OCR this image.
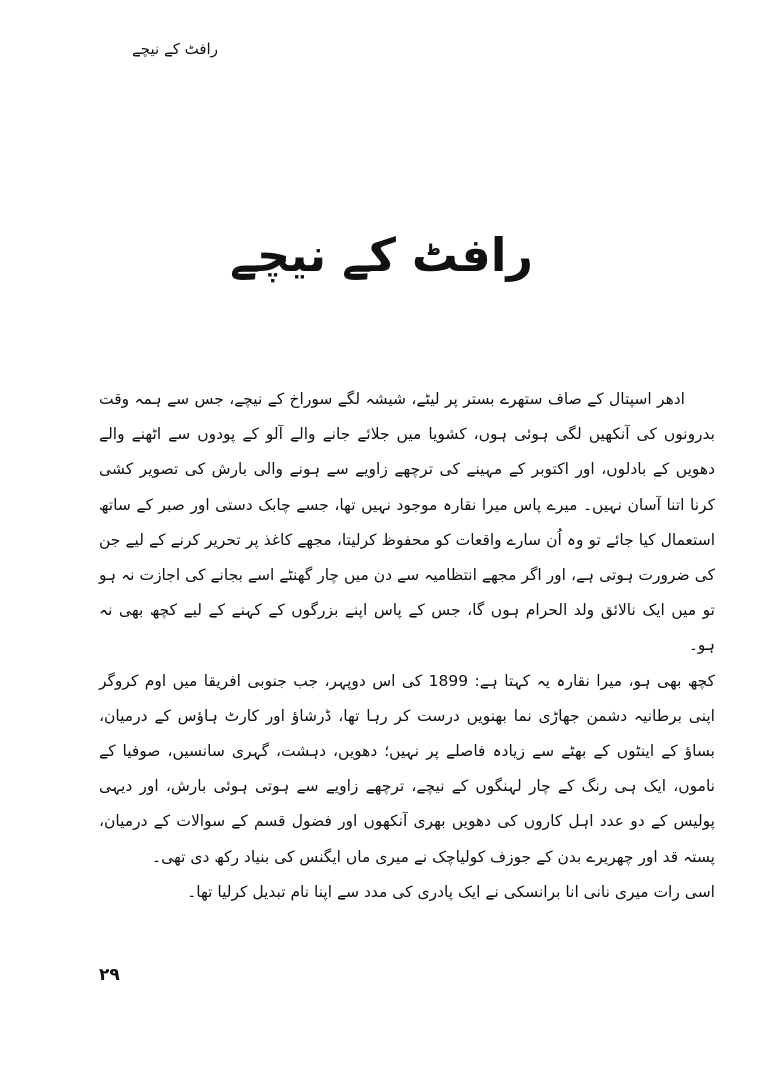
رافٹ کے نیچے
رافٹ کے نیچے

ادھر اسپتال کے صاف ستھرے بستر پر لیٹے، شیشہ لگے سوراخ کے نیچے، جس سے ہمہ وقت بدرونوں کی آنکھیں لگی ہوئی ہوں، کشویا میں جلائے جانے والے آلو کے پودوں سے اٹھنے والے دھویں کے بادلوں، اور اکتوبر کے مہینے کی ترچھے زاویے سے ہونے والی بارش کی تصویر کشی کرنا اتنا آسان نہیں۔ میرے پاس میرا نقارہ موجود نہیں تھا، جسے چابک دستی اور صبر کے ساتھ استعمال کیا جائے تو وہ اُن سارے واقعات کو محفوظ کرلیتا، مجھے کاغذ پر تحریر کرنے کے لیے جن کی ضرورت ہوتی ہے، اور اگر مجھے انتظامیہ سے دن میں چار گھنٹے اسے بجانے کی اجازت نہ ہو تو میں ایک نالائق ولد الحرام ہوں گا، جس کے پاس اپنے بزرگوں کے کہنے کے لیے کچھ بھی نہ ہو۔

کچھ بھی ہو، میرا نقارہ یہ کہتا ہے: 1899 کی اس دوپہر، جب جنوبی افریقا میں اوم کروگر اپنی برطانیہ دشمن جھاڑی نما بھنویں درست کر رہا تھا، ڈرشاؤ اور کارٹ ہاؤس کے درمیان، بساؤ کے اینٹوں کے بھٹے سے زیادہ فاصلے پر نہیں؛ دھویں، دہشت، گہری سانسیں، صوفیا کے ناموں، ایک ہی رنگ کے چار لہنگوں کے نیچے، ترچھے زاویے سے ہوتی ہوئی بارش، اور دیہی پولیس کے دو عدد اہل کاروں کی دھویں بھری آنکھوں اور فضول قسم کے سوالات کے درمیان، پستہ قد اور چھریرے بدن کے جوزف کولیاچک نے میری ماں ایگنس کی بنیاد رکھ دی تھی۔

اسی رات میری نانی انا برانسکی نے ایک پادری کی مدد سے اپنا نام تبدیل کرلیا تھا۔

۲۹
